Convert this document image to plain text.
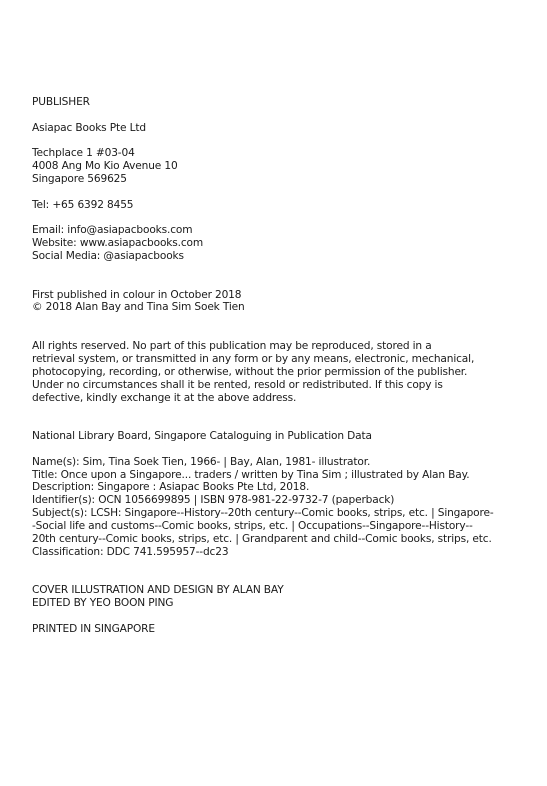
PUBLISHER
Asiapac Books Pte Ltd
Techplace 1 #03-04
4008 Ang Mo Kio Avenue 10
Singapore 569625
Tel: +65 6392 8455
Email: info@asiapacbooks.com
Website: www.asiapacbooks.com
Social Media: @asiapacbooks
First published in colour in October 2018
© 2018 Alan Bay and Tina Sim Soek Tien
All rights reserved. No part of this publication may be reproduced, stored in a
retrieval system, or transmitted in any form or by any means, electronic, mechanical,
photocopying, recording, or otherwise, without the prior permission of the publisher.
Under no circumstances shall it be rented, resold or redistributed. If this copy is
defective, kindly exchange it at the above address.
National Library Board, Singapore Cataloguing in Publication Data
Name(s): Sim, Tina Soek Tien, 1966- | Bay, Alan, 1981- illustrator.
Title: Once upon a Singapore... traders / written by Tina Sim ; illustrated by Alan Bay.
Description: Singapore : Asiapac Books Pte Ltd, 2018.
Identifier(s): OCN 1056699895 | ISBN 978-981-22-9732-7 (paperback)
Subject(s): LCSH: Singapore--History--20th century--Comic books, strips, etc. | Singapore-
-Social life and customs--Comic books, strips, etc. | Occupations--Singapore--History--
20th century--Comic books, strips, etc. | Grandparent and child--Comic books, strips, etc.
Classification: DDC 741.595957--dc23
COVER ILLUSTRATION AND DESIGN BY ALAN BAY
EDITED BY YEO BOON PING
PRINTED IN SINGAPORE
